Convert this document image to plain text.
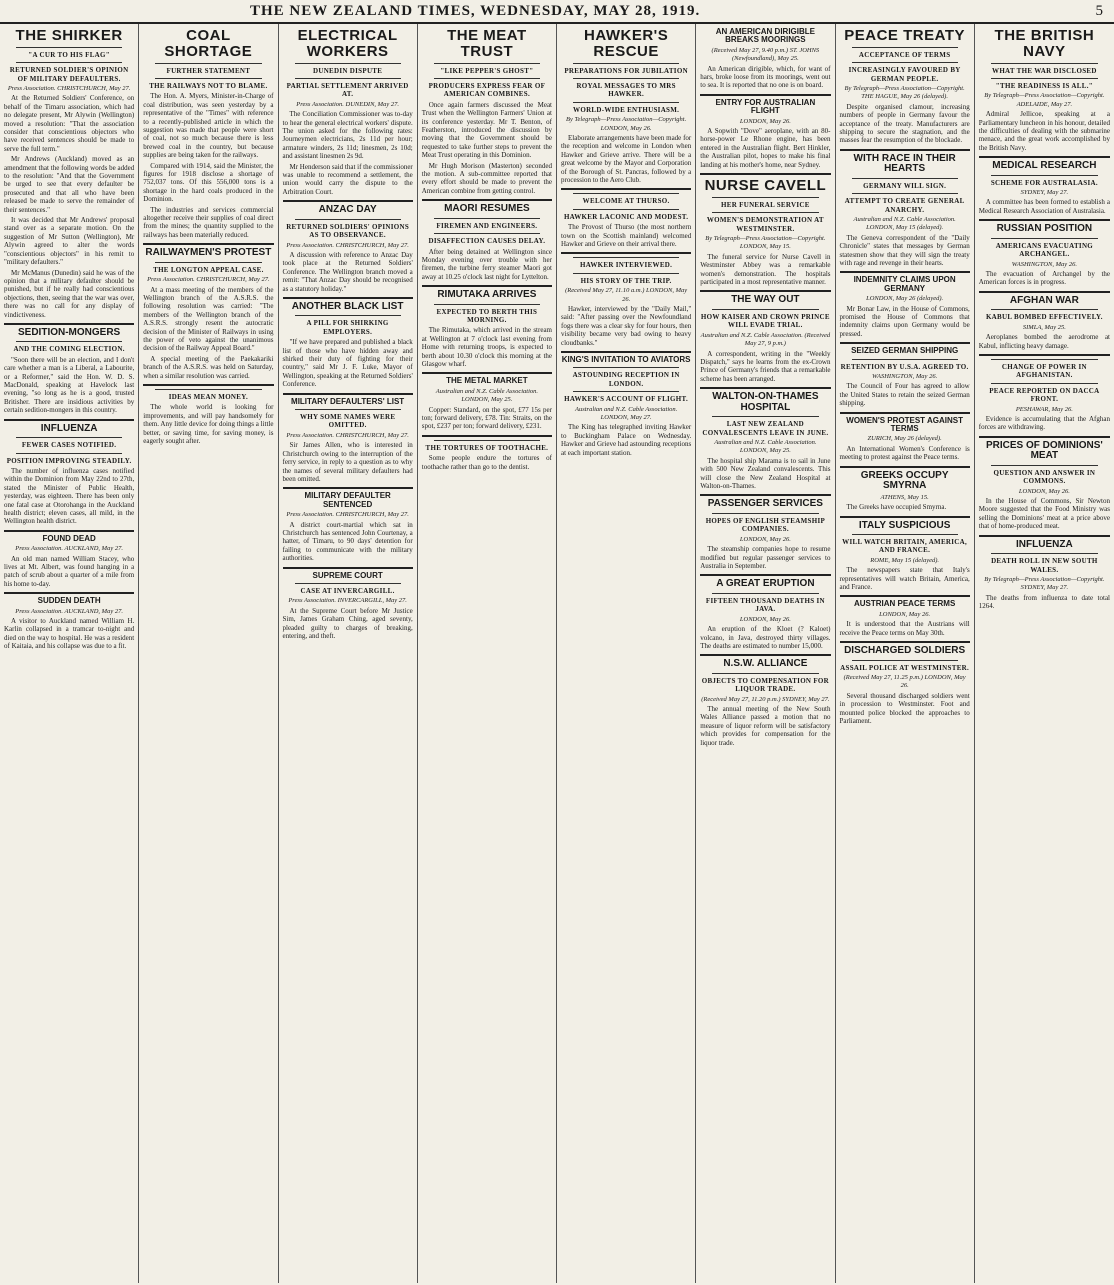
THE NEW ZEALAND TIMES, WEDNESDAY, MAY 28, 1919.	5
THE SHIRKER
"A CUR TO HIS FLAG"
RETURNED SOLDIER'S OPINION OF MILITARY DEFAULTERS.
Press Association. CHRISTCHURCH, May 27.

At the Returned Soldiers' Conference, on behalf of the Timaru association, which had no delegate present, Mr Alywin (Wellington) moved a resolution: "That the association consider that conscientious objectors who have received sentences should be made to serve the full term."

Mr Andrews (Auckland) moved as an amendment that the following words be added to the resolution: "And that the Government be urged to see that every defaulter be prosecuted and that all who have been released be made to serve the remainder of their sentences."

It was decided that Mr Andrews' proposal stand over as a separate motion. On the suggestion of Mr Sutton (Wellington), Mr Alywin agreed to alter the words "conscientious objectors" in his remit to "military defaulters."

Mr McManus (Dunedin) said he was of the opinion that a military defaulter should be punished, but if he really had conscientious objections, then, seeing that the war was over, there was no call for any display of vindictiveness.

SEDITION-MONGERS
AND THE COMING ELECTION.

"Soon there will be an election, and I don't care whether a man is a Liberal, a Labourite, or a Reformer," said the Hon. W. D. S. MacDonald, speaking at Havelock last evening, "so long as he is a good, trusted Britisher. There are insidious activities by certain sedition-mongers in this country.

INFLUENZA
FEWER CASES NOTIFIED.
POSITION IMPROVING STEADILY.

The number of influenza cases notified within the Dominion from May 22nd to 27th, stated the Minister of Public Health, yesterday, was eighteen. There has been only one fatal case at Otorohanga in the Auckland health district; eleven cases, all mild, in the Wellington health district.

FOUND DEAD
Press Association. AUCKLAND, May 27.

An old man named William Stacey, who lives at Mt. Albert, was found hanging in a patch of scrub about a quarter of a mile from his home to-day.

SUDDEN DEATH
Press Association. AUCKLAND, May 27.

A visitor to Auckland named William H. Karlin collapsed in a tramcar to-night and died on the way to hospital. He was a resident of Kaitaia, and his collapse was due to a fit.

COAL SHORTAGE
FURTHER STATEMENT
THE RAILWAYS NOT TO BLAME.

The Hon. A. Myers, Minister-in-Charge of coal distribution, was seen yesterday by a representative of the "Times" with reference to a recently-published article in which the suggestion was made that people were short of coal, not so much because there is less brewed coal in the country, but because supplies are being taken for the railways.

Compared with 1914, said the Minister, the figures for 1918 disclose a shortage of 752,037 tons. Of this 556,000 tons is a shortage in the hard coals produced in the Dominion.

The industries and services commercial altogether receive their supplies of coal direct from the mines; the quantity supplied to the railways has been materially reduced.

RAILWAYMEN'S PROTEST
THE LONGTON APPEAL CASE.
Press Association. CHRISTCHURCH, May 27.

At a mass meeting of the members of the Wellington branch of the A.S.R.S. the following resolution was carried: "The members of the Wellington branch of the A.S.R.S. strongly resent the autocratic decision of the Minister of Railways in using the power of veto against the unanimous decision of the Railway Appeal Board."

A special meeting of the Paekakariki branch of the A.S.R.S. was held on Saturday, when a similar resolution was carried.

IDEAS MEAN MONEY.

The whole world is looking for improvements, and will pay handsomely for them. Any little device for doing things a little better, or saving time, for saving money, is eagerly sought after.

ELECTRICAL WORKERS
DUNEDIN DISPUTE
PARTIAL SETTLEMENT ARRIVED AT.
Press Association. DUNEDIN, May 27.

The Conciliation Commissioner was to-day to hear the general electrical workers' dispute. The union asked for the following rates: Journeymen electricians, 2s 11d per hour; armature winders, 2s 11d; linesmen, 2s 10d; and assistant linesmen 2s 9d.

Mr Henderson said that if the commissioner was unable to recommend a settlement, the union would carry the dispute to the Arbitration Court.

ANZAC DAY
RETURNED SOLDIERS' OPINIONS AS TO OBSERVANCE.
Press Association. CHRISTCHURCH, May 27.

A discussion with reference to Anzac Day took place at the Returned Soldiers' Conference. The Wellington branch moved a remit: "That Anzac Day should be recognised as a statutory holiday."

ANOTHER BLACK LIST
A PILL FOR SHIRKING EMPLOYERS.

"If we have prepared and published a black list of those who have hidden away and shirked their duty of fighting for their country," said Mr J. F. Luke, Mayor of Wellington, speaking at the Returned Soldiers' Conference.

MILITARY DEFAULTERS' LIST
WHY SOME NAMES WERE OMITTED.
Press Association. CHRISTCHURCH, May 27.

Sir James Allen, who is interested in Christchurch owing to the interruption of the ferry service, in reply to a question as to why the names of several military defaulters had been omitted.

MILITARY DEFAULTER SENTENCED
Press Association. CHRISTCHURCH, May 27.

A district court-martial which sat in Christchurch has sentenced John Courtenay, a hatter, of Timaru, to 90 days' detention for failing to communicate with the military authorities.

SUPREME COURT
CASE AT INVERCARGILL.
Press Association. INVERCARGILL, May 27.

At the Supreme Court before Mr Justice Sim, James Graham Ching, aged seventy, pleaded guilty to charges of breaking, entering, and theft.

THE MEAT TRUST
"LIKE PEPPER'S GHOST"
PRODUCERS EXPRESS FEAR OF AMERICAN COMBINES.

Once again farmers discussed the Meat Trust when the Wellington Farmers' Union at its conference yesterday. Mr T. Benton, of Featherston, introduced the discussion by moving that the Government should be requested to take further steps to prevent the Meat Trust operating in this Dominion.

Mr Hugh Morison (Masterton) seconded the motion. A sub-committee reported that every effort should be made to prevent the American combine from getting control.

MAORI RESUMES
FIREMEN AND ENGINEERS.
DISAFFECTION CAUSES DELAY.

After being detained at Wellington since Monday evening over trouble with her firemen, the turbine ferry steamer Maori got away at 10.25 o'clock last night for Lyttelton.

RIMUTAKA ARRIVES
EXPECTED TO BERTH THIS MORNING.

The Rimutaka, which arrived in the stream at Wellington at 7 o'clock last evening from Home with returning troops, is expected to berth about 10.30 o'clock this morning at the Glasgow wharf.

THE METAL MARKET
Australian and N.Z. Cable Association. LONDON, May 25.

Copper: Standard, on the spot, £77 15s per ton; forward delivery, £78. Tin: Straits, on the spot, £237 per ton; forward delivery, £231.

THE TORTURES OF TOOTHACHE.

Some people endure the tortures of toothache rather than go to the dentist.

HAWKER'S RESCUE
PREPARATIONS FOR JUBILATION
ROYAL MESSAGES TO MRS HAWKER.
WORLD-WIDE ENTHUSIASM.
By Telegraph—Press Association—Copyright. LONDON, May 26.

Elaborate arrangements have been made for the reception and welcome in London when Hawker and Grieve arrive. There will be a great welcome by the Mayor and Corporation of the Borough of St. Pancras, followed by a procession to the Aero Club.

WELCOME AT THURSO.
HAWKER LACONIC AND MODEST.

The Provost of Thurso (the most northern town on the Scottish mainland) welcomed Hawker and Grieve on their arrival there.

HAWKER INTERVIEWED.
HIS STORY OF THE TRIP.
(Received May 27, 11.10 a.m.) LONDON, May 26.

Hawker, interviewed by the "Daily Mail," said: "After passing over the Newfoundland fogs there was a clear sky for four hours, then visibility became very bad owing to heavy cloudbanks."

KING'S INVITATION TO AVIATORS
ASTOUNDING RECEPTION IN LONDON.
HAWKER'S ACCOUNT OF FLIGHT.
Australian and N.Z. Cable Association. LONDON, May 27.

The King has telegraphed inviting Hawker to Buckingham Palace on Wednesday. Hawker and Grieve had astounding receptions at each important station.

AN AMERICAN DIRIGIBLE BREAKS MOORINGS
(Received May 27, 9.40 p.m.) ST. JOHNS (Newfoundland), May 25.

An American dirigible, which, for want of hars, broke loose from its moorings, went out to sea. It is reported that no one is on board.

ENTRY FOR AUSTRALIAN FLIGHT
LONDON, May 26.

A Sopwith "Dove" aeroplane, with an 80-horse-power Le Rhone engine, has been entered in the Australian flight. Bert Hinkler, the Australian pilot, hopes to make his final landing at his mother's home, near Sydney.

NURSE CAVELL
HER FUNERAL SERVICE
WOMEN'S DEMONSTRATION AT WESTMINSTER.
By Telegraph—Press Association—Copyright. LONDON, May 15.

The funeral service for Nurse Cavell in Westminster Abbey was a remarkable women's demonstration. The hospitals participated in a most representative manner.

THE WAY OUT
HOW KAISER AND CROWN PRINCE WILL EVADE TRIAL.
Australian and N.Z. Cable Association. (Received May 27, 9 p.m.)

A correspondent, writing in the "Weekly Dispatch," says he learns from the ex-Crown Prince of Germany's friends that a remarkable scheme has been arranged.

WALTON-ON-THAMES HOSPITAL
LAST NEW ZEALAND CONVALESCENTS LEAVE IN JUNE.
Australian and N.Z. Cable Association. LONDON, May 25.

The hospital ship Marama is to sail in June with 500 New Zealand convalescents. This will close the New Zealand Hospital at Walton-on-Thames.

PASSENGER SERVICES
HOPES OF ENGLISH STEAMSHIP COMPANIES.
LONDON, May 26.

The steamship companies hope to resume modified but regular passenger services to Australia in September.

A GREAT ERUPTION
FIFTEEN THOUSAND DEATHS IN JAVA.
LONDON, May 26.

An eruption of the Kloet (? Kaloet) volcano, in Java, destroyed thirty villages. The deaths are estimated to number 15,000.

N.S.W. ALLIANCE
OBJECTS TO COMPENSATION FOR LIQUOR TRADE.
(Received May 27, 11.20 p.m.) SYDNEY, May 27.

The annual meeting of the New South Wales Alliance passed a motion that no measure of liquor reform will be satisfactory which provides for compensation for the liquor trade.

PEACE TREATY
ACCEPTANCE OF TERMS
INCREASINGLY FAVOURED BY GERMAN PEOPLE.
By Telegraph—Press Association—Copyright. THE HAGUE, May 26 (delayed).

Despite organised clamour, increasing numbers of people in Germany favour the acceptance of the treaty. Manufacturers are shipping to secure the stagnation, and the masses fear the resumption of the blockade.

WITH RACE IN THEIR HEARTS
GERMANY WILL SIGN.
ATTEMPT TO CREATE GENERAL ANARCHY.
Australian and N.Z. Cable Association. LONDON, May 15 (delayed).

The Geneva correspondent of the "Daily Chronicle" states that messages by German statesmen show that they will sign the treaty with rage and revenge in their hearts.

INDEMNITY CLAIMS UPON GERMANY
LONDON, May 26 (delayed).

Mr Bonar Law, in the House of Commons, promised the House of Commons that indemnity claims upon Germany would be pressed.

SEIZED GERMAN SHIPPING
RETENTION BY U.S.A. AGREED TO.
WASHINGTON, May 26.

The Council of Four has agreed to allow the United States to retain the seized German shipping.

WOMEN'S PROTEST AGAINST TERMS
ZURICH, May 26 (delayed).

An International Women's Conference is meeting to protest against the Peace terms.

GREEKS OCCUPY SMYRNA
ATHENS, May 15.

The Greeks have occupied Smyrna.

ITALY SUSPICIOUS
WILL WATCH BRITAIN, AMERICA, AND FRANCE.
ROME, May 15 (delayed).

The newspapers state that Italy's representatives will watch Britain, America, and France.

AUSTRIAN PEACE TERMS
LONDON, May 26.

It is understood that the Austrians will receive the Peace terms on May 30th.

DISCHARGED SOLDIERS
ASSAIL POLICE AT WESTMINSTER.
(Received May 27, 11.25 p.m.) LONDON, May 26.

Several thousand discharged soldiers went in procession to Westminster. Foot and mounted police blocked the approaches to Parliament.

THE BRITISH NAVY
WHAT THE WAR DISCLOSED
"THE READINESS IS ALL."
By Telegraph—Press Association—Copyright. ADELAIDE, May 27.

Admiral Jellicoe, speaking at a Parliamentary luncheon in his honour, detailed the difficulties of dealing with the submarine menace, and the great work accomplished by the British Navy.

MEDICAL RESEARCH
SCHEME FOR AUSTRALASIA.
SYDNEY, May 27.

A committee has been formed to establish a Medical Research Association of Australasia.

RUSSIAN POSITION
AMERICANS EVACUATING ARCHANGEL.
WASHINGTON, May 26.

The evacuation of Archangel by the American forces is in progress.

AFGHAN WAR
KABUL BOMBED EFFECTIVELY.
SIMLA, May 25.

Aeroplanes bombed the aerodrome at Kabul, inflicting heavy damage.

CHANGE OF POWER IN AFGHANISTAN.
PEACE REPORTED ON DACCA FRONT.
PESHAWAR, May 26.

Evidence is accumulating that the Afghan forces are withdrawing.

PRICES OF DOMINIONS' MEAT
QUESTION AND ANSWER IN COMMONS.
LONDON, May 26.

In the House of Commons, Sir Newton Moore suggested that the Food Ministry was selling the Dominions' meat at a price above that of home-produced meat.

INFLUENZA
DEATH ROLL IN NEW SOUTH WALES.
By Telegraph—Press Association—Copyright. SYDNEY, May 27.

The deaths from influenza to date total 1264.
